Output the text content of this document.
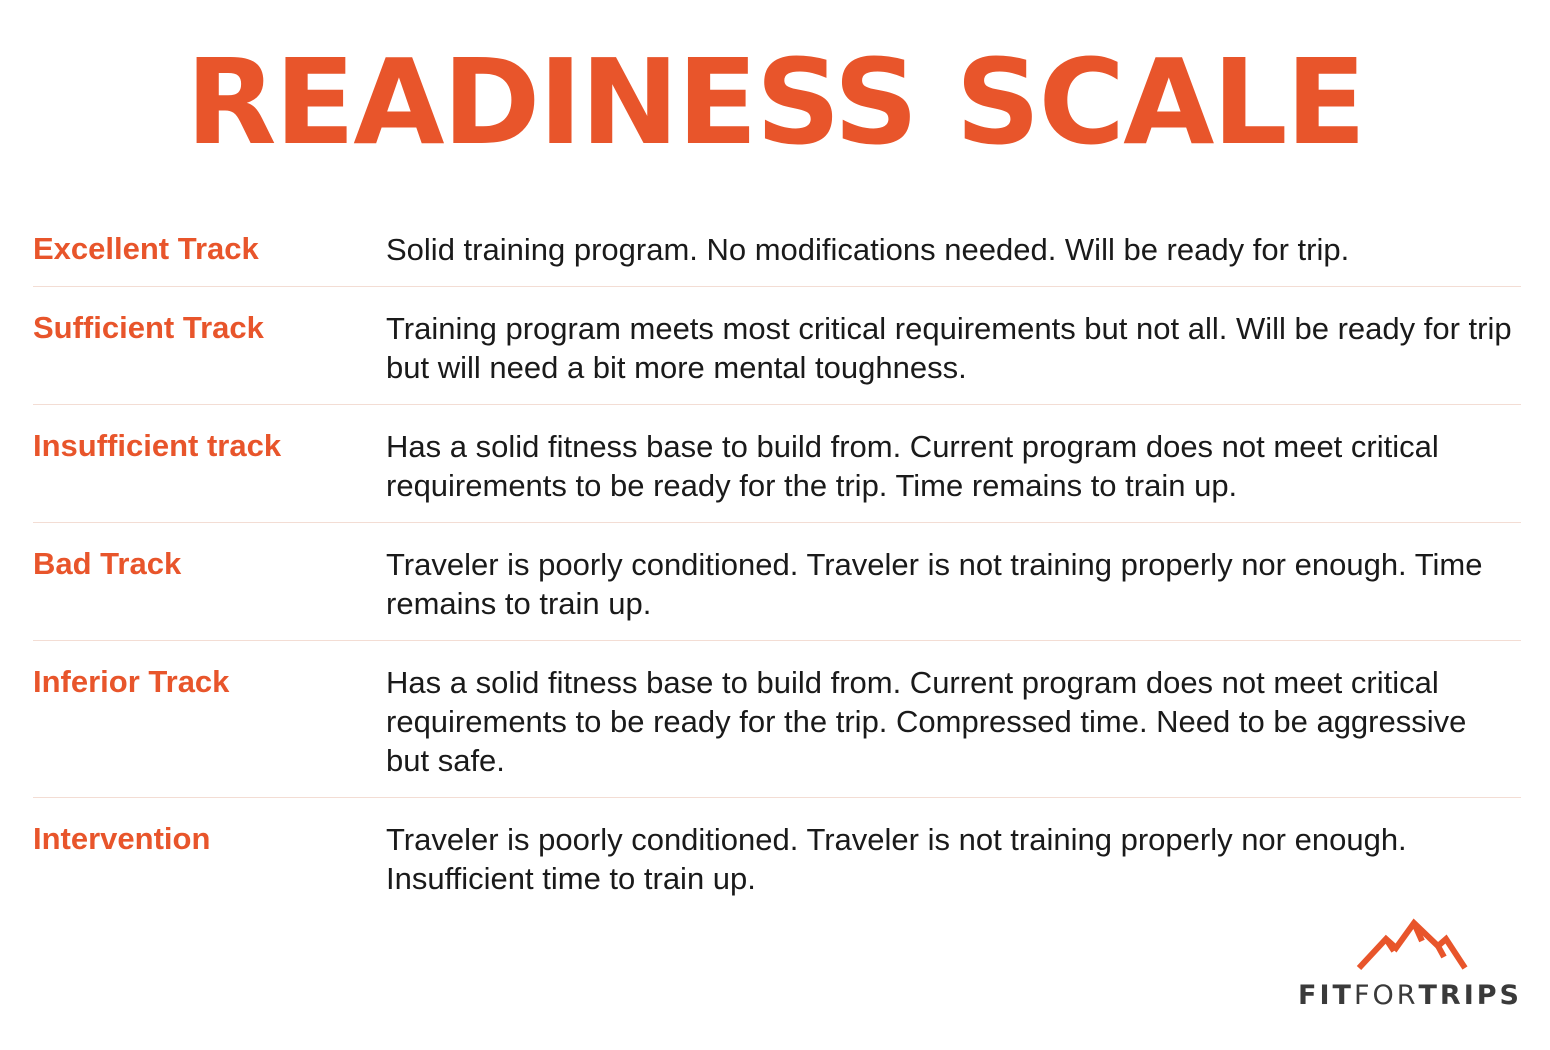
READINESS SCALE
Excellent Track	Solid training program. No modifications needed. Will be ready for trip.
Sufficient Track	Training program meets most critical requirements but not all. Will be ready for trip but will need a bit more mental toughness.
Insufficient track	Has a solid fitness base to build from. Current program does not meet critical requirements to be ready for the trip. Time remains to train up.
Bad Track	Traveler is poorly conditioned. Traveler is not training properly nor enough. Time remains to train up.
Inferior Track	Has a solid fitness base to build from. Current program does not meet critical requirements to be ready for the trip. Compressed time. Need to be aggressive but safe.
Intervention	Traveler is poorly conditioned. Traveler is not training properly nor enough. Insufficient time to train up.
FITFORTRIPS
